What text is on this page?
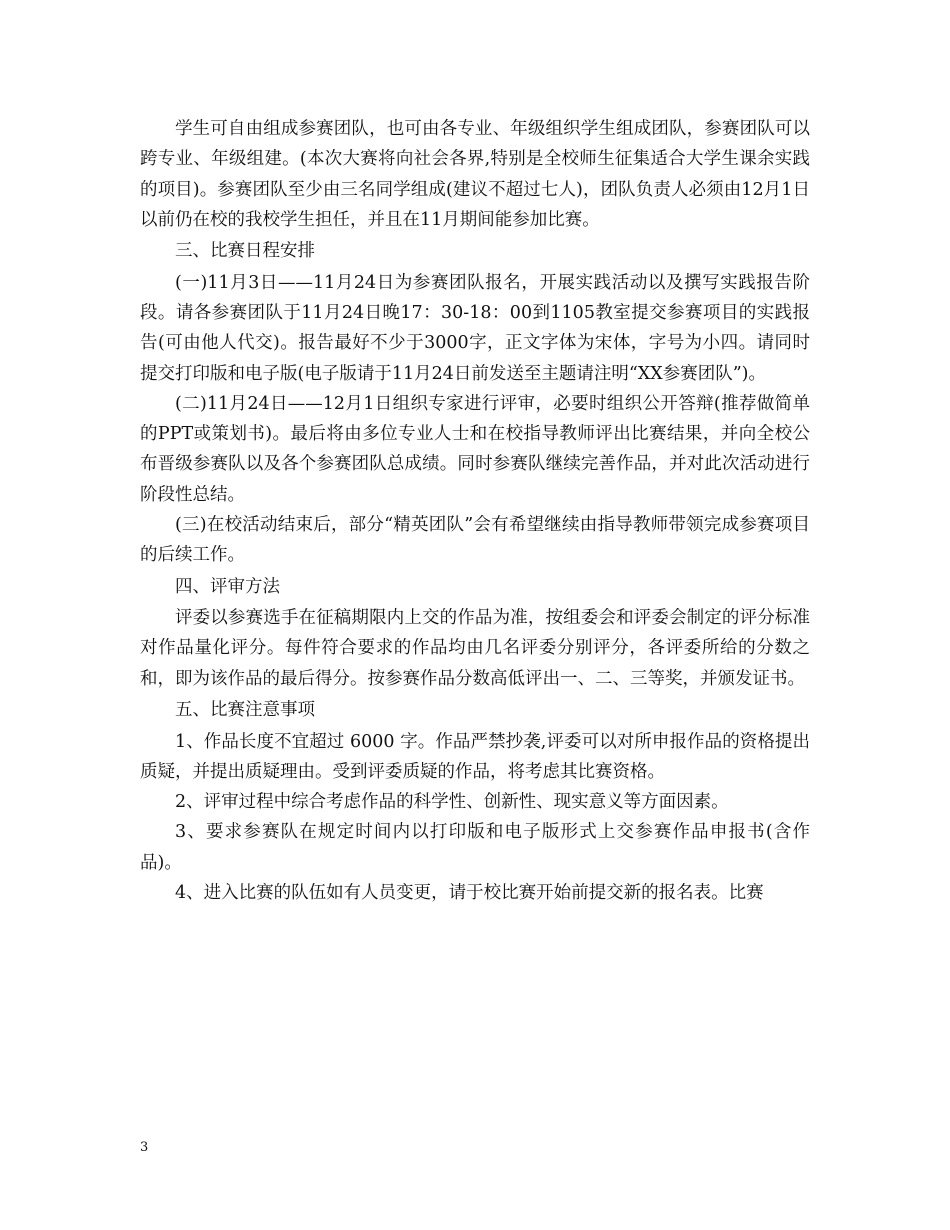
学生可自由组成参赛团队，也可由各专业、年级组织学生组成团队，参赛团队可以跨专业、年级组建。(本次大赛将向社会各界,特别是全校师生征集适合大学生课余实践的项目)。参赛团队至少由三名同学组成(建议不超过七人)，团队负责人必须由12月1日以前仍在校的我校学生担任，并且在11月期间能参加比赛。

三、比赛日程安排

(一)11月3日——11月24日为参赛团队报名，开展实践活动以及撰写实践报告阶段。请各参赛团队于11月24日晚17：30-18：00到1105教室提交参赛项目的实践报告(可由他人代交)。报告最好不少于3000字，正文字体为宋体，字号为小四。请同时提交打印版和电子版(电子版请于11月24日前发送至主题请注明“XX参赛团队”)。

(二)11月24日——12月1日组织专家进行评审，必要时组织公开答辩(推荐做简单的PPT或策划书)。最后将由多位专业人士和在校指导教师评出比赛结果，并向全校公布晋级参赛队以及各个参赛团队总成绩。同时参赛队继续完善作品，并对此次活动进行阶段性总结。

(三)在校活动结束后，部分“精英团队”会有希望继续由指导教师带领完成参赛项目的后续工作。

四、评审方法

评委以参赛选手在征稿期限内上交的作品为准，按组委会和评委会制定的评分标准对作品量化评分。每件符合要求的作品均由几名评委分别评分，各评委所给的分数之和，即为该作品的最后得分。按参赛作品分数高低评出一、二、三等奖，并颁发证书。

五、比赛注意事项

1、作品长度不宜超过 6000 字。作品严禁抄袭,评委可以对所申报作品的资格提出质疑，并提出质疑理由。受到评委质疑的作品，将考虑其比赛资格。

2、评审过程中综合考虑作品的科学性、创新性、现实意义等方面因素。

3、要求参赛队在规定时间内以打印版和电子版形式上交参赛作品申报书(含作品)。

4、进入比赛的队伍如有人员变更，请于校比赛开始前提交新的报名表。比赛

3
